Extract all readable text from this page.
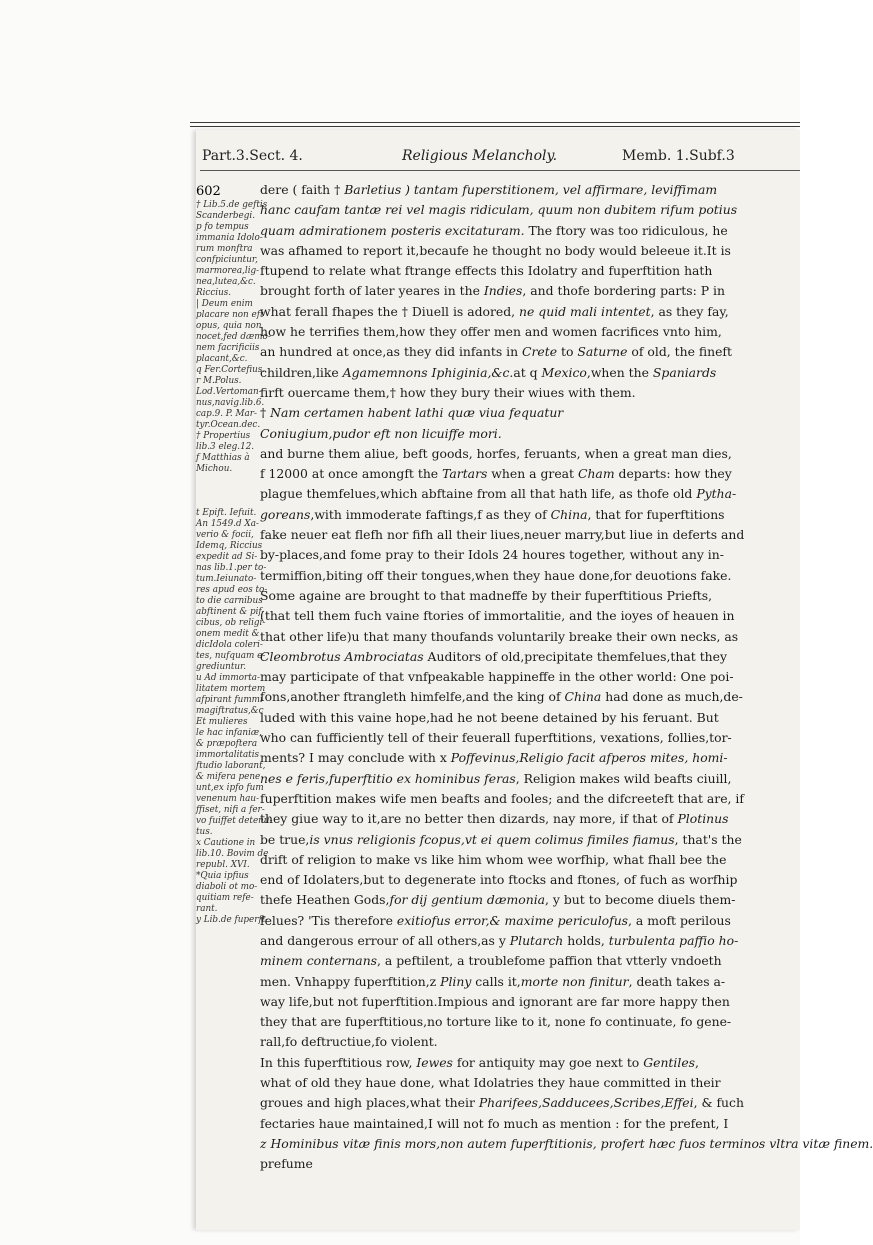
Part.3.Sect. 4.	Religious Melancholy.	Memb. 1.Subf.3
602
† Lib.5.de geftis
Scanderbegi.
p fo tempus
immania Idolo-
rum monftra
confpiciuntur,
marmorea,lig-
nea,lutea,&c.
Riccius.
| Deum enim
placare non eft
opus, quia non
nocet,fed dæmo-
nem facrificiis
placant,&c.
q Fer.Cortefius.
r M.Polus.
Lod.Vertoman-
nus,navig.lib.6.
cap.9. P. Mar-
tyr.Ocean.dec.
† Propertius
lib.3 eleg.12.
f Matthias à
Michou.

t Epift. Iefuit.
An 1549.d Xa-
verio & focii,
Idemq, Riccius
expedit ad Si-
nas lib.1.per to-
tum.Ieiunato-
res apud eos to-
to die carnibus
abftinent & pif-
cibus, ob religi-
onem medit &
dicIdola coleri-
tes, nufquam e-
grediuntur.
u Ad immorta-
litatem mortem
afpirant fummi
magiftratus,&c
Et mulieres
le hac infaniæ,
& præpoftera
immortalitatis
ftudio laborant,
& mifera pene
unt,ex ipfo fum
venenum hau-
ffiset, nifi a fer-
vo fuiffet detenu-
tus.
x Cautione in
lib.10. Bovim de
republ. XVI.
*Quia ipfius
diaboli ot mo-
quitiam refe-
rant.
y Lib.de fuperft-
dere ( faith † Barletius ) tantam fuperstitionem, vel affirmare, leviffimam
hanc caufam tantæ rei vel magis ridiculam, quum non dubitem rifum potius
quam admirationem posteris excitaturam. The ftory was too ridiculous, he
was afhamed to report it,becaufe he thought no body would beleeue it.It is
ftupend to relate what ftrange effects this Idolatry and fuperftition hath
brought forth of later yeares in the Indies, and thofe bordering parts: P in
what ferall fhapes the † Diuell is adored, ne quid mali intentet, as they fay,
how he terrifies them,how they offer men and women facrifices vnto him,
an hundred at once,as they did infants in Crete to Saturne of old, the fineft
children,like Agamemnons Iphiginia,&c.at q Mexico,when the Spaniards
firft ouercame them,† how they bury their wiues with them.
† Nam certamen habent lathi quæ viua fequatur
Coniugium,pudor eft non licuiffe mori.
and burne them aliue, beft goods, horfes, feruants, when a great man dies,
f 12000 at once amongft the Tartars when a great Cham departs: how they
plague themfelues,which abftaine from all that hath life, as thofe old Pytha-
goreans,with immoderate faftings,f as they of China, that for fuperftitions
fake neuer eat flefh nor fifh all their liues,neuer marry,but liue in deferts and
by-places,and fome pray to their Idols 24 houres together, without any in-
termiffion,biting off their tongues,when they haue done,for deuotions fake.
Some againe are brought to that madneffe by their fuperftitious Priefts,
(that tell them fuch vaine ftories of immortalitie, and the ioyes of heauen in
that other life)u that many thoufands voluntarily breake their own necks, as
Cleombrotus Ambrociatas Auditors of old,precipitate themfelues,that they
may participate of that vnfpeakable happineffe in the other world: One poi-
fons,another ftrangleth himfelfe,and the king of China had done as much,de-
luded with this vaine hope,had he not beene detained by his feruant. But
who can fufficiently tell of their feuerall fuperftitions, vexations, follies,tor-
ments? I may conclude with x Poffevinus,Religio facit afperos mites, homi-
nes e feris,fuperftitio ex hominibus feras, Religion makes wild beafts ciuill,
fuperftition makes wife men beafts and fooles; and the difcreeteft that are, if
they giue way to it,are no better then dizards, nay more, if that of Plotinus
be true,is vnus religionis fcopus,vt ei quem colimus fimiles fiamus, that's the
drift of religion to make vs like him whom wee worfhip, what fhall bee the
end of Idolaters,but to degenerate into ftocks and ftones, of fuch as worfhip
thefe Heathen Gods,for dij gentium dæmonia, y but to become diuels them-
felues? 'Tis therefore exitiofus error,& maxime periculofus, a moft perilous
and dangerous errour of all others,as y Plutarch holds, turbulenta paffio ho-
minem conternans, a peftilent, a troublefome paffion that vtterly vndoeth
men. Vnhappy fuperftition,z Pliny calls it,morte non finitur, death takes a-
way life,but not fuperftition.Impious and ignorant are far more happy then
they that are fuperftitious,no torture like to it, none fo continuate, fo gene-
rall,fo deftructiue,fo violent.
In this fuperftitious row, Iewes for antiquity may goe next to Gentiles,
what of old they haue done, what Idolatries they haue committed in their
groues and high places,what their Pharifees,Sadducees,Scribes,Effei, & fuch
fectaries haue maintained,I will not fo much as mention : for the prefent, I
z Hominibus vitæ finis mors,non autem fuperftitionis, profert hæc fuos terminos vltra vitæ finem.
prefume
